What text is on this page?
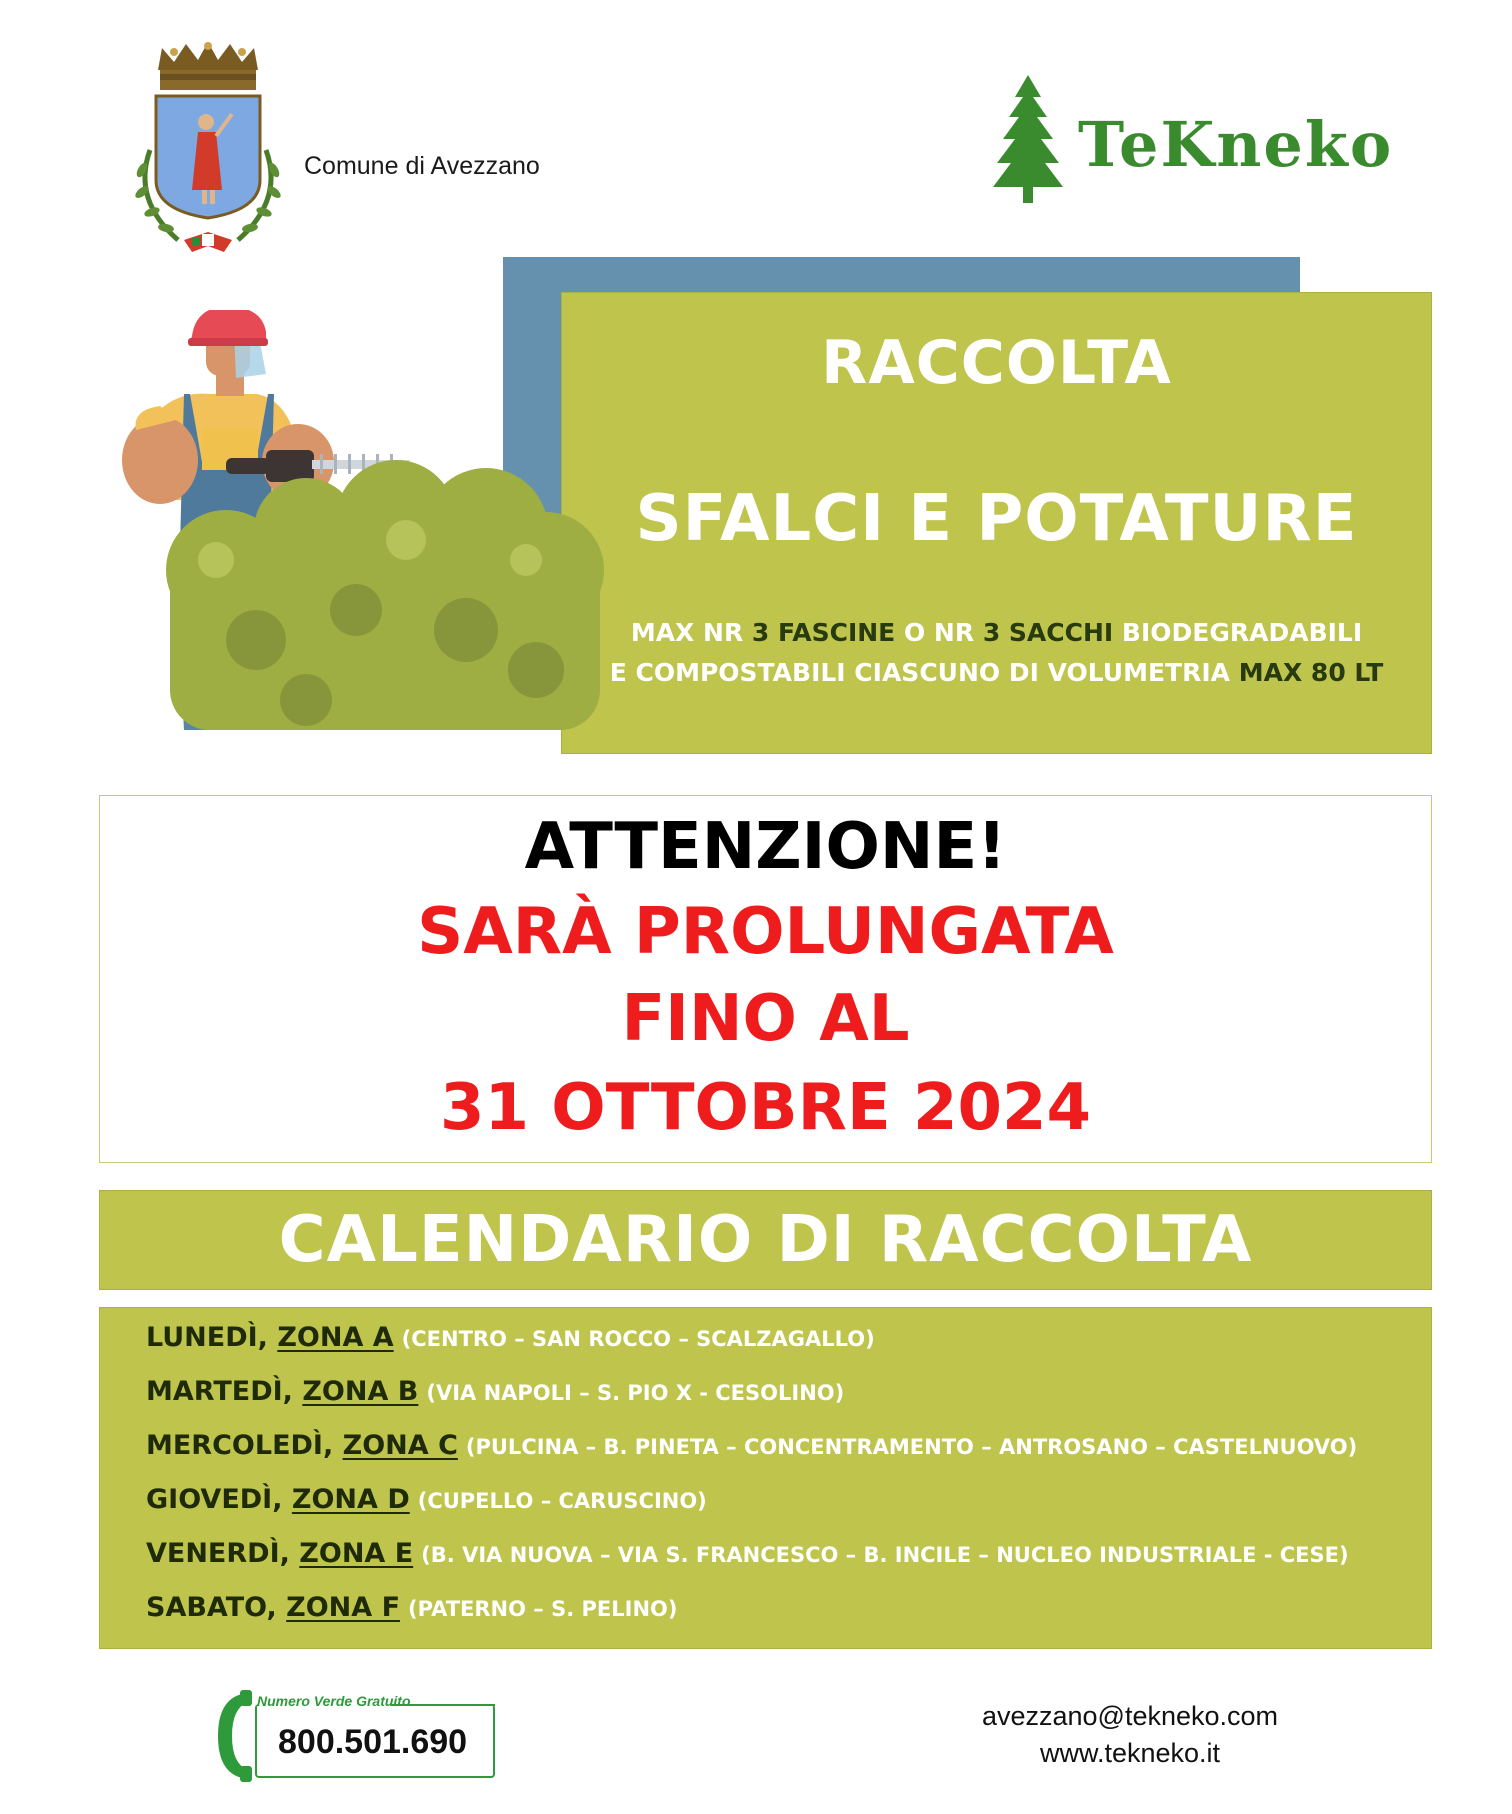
Comune di Avezzano	TeKneko
RACCOLTA
SFALCI E POTATURE
MAX NR 3 FASCINE O NR 3 SACCHI BIODEGRADABILI
E COMPOSTABILI CIASCUNO DI VOLUMETRIA MAX 80 LT
ATTENZIONE!
SARÀ PROLUNGATA
FINO AL
31 OTTOBRE 2024
CALENDARIO DI RACCOLTA
LUNEDÌ, ZONA A (CENTRO – SAN ROCCO – SCALZAGALLO)
MARTEDÌ, ZONA B (VIA NAPOLI – S. PIO X - CESOLINO)
MERCOLEDÌ, ZONA C (PULCINA – B. PINETA – CONCENTRAMENTO – ANTROSANO – CASTELNUOVO)
GIOVEDÌ, ZONA D (CUPELLO – CARUSCINO)
VENERDÌ, ZONA E (B. VIA NUOVA – VIA S. FRANCESCO – B. INCILE – NUCLEO INDUSTRIALE - CESE)
SABATO, ZONA F (PATERNO – S. PELINO)
Numero Verde Gratuito
800.501.690
avezzano@tekneko.com
www.tekneko.it
